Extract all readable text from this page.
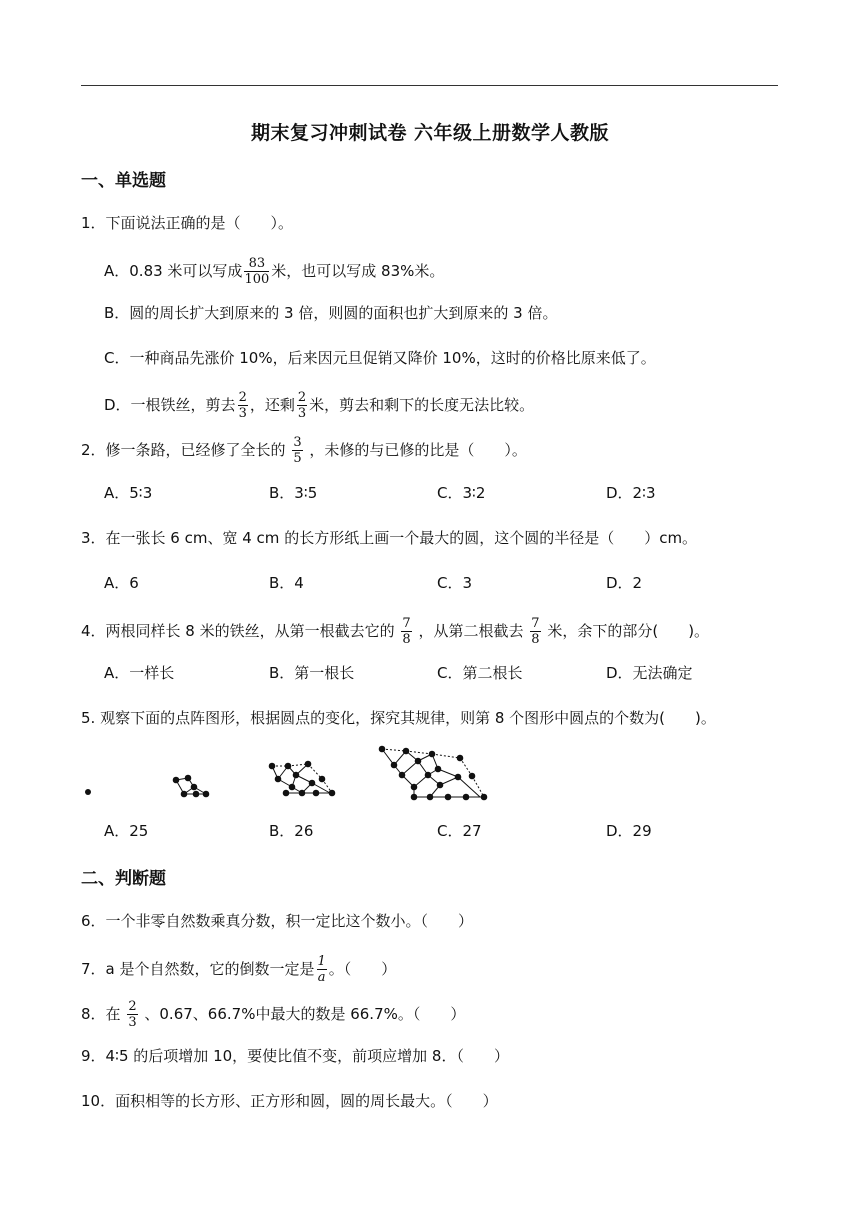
期末复习冲刺试卷 六年级上册数学人教版
一、单选题
1．下面说法正确的是（　　）。
A．0.83 米可以写成 $\frac{83}{100}$ 米，也可以写成 83%米。
B．圆的周长扩大到原来的 3 倍，则圆的面积也扩大到原来的 3 倍。
C．一种商品先涨价 10%，后来因元旦促销又降价 10%，这时的价格比原来低了。
D．一根铁丝，剪去 $\frac{2}{3}$ ，还剩 $\frac{2}{3}$ 米，剪去和剩下的长度无法比较。
2．修一条路，已经修了全长的 $\frac{3}{5}$ ，未修的与已修的比是（　　）。
A．5∶3	B．3∶5	C．3∶2	D．2∶3
3．在一张长 6 cm、宽 4 cm 的长方形纸上画一个最大的圆，这个圆的半径是（　　）cm。
A．6	B．4	C．3	D．2
4．两根同样长 8 米的铁丝，从第一根截去它的 $\frac{7}{8}$ ，从第二根截去 $\frac{7}{8}$ 米，余下的部分(　　)。
A．一样长	B．第一根长	C．第二根长	D．无法确定
5. 观察下面的点阵图形，根据圆点的变化，探究其规律，则第 8 个图形中圆点的个数为(　　)。
A．25	B．26	C．27	D．29
二、判断题
6．一个非零自然数乘真分数，积一定比这个数小。（　　）
7．a 是个自然数，它的倒数一定是 $\frac{1}{a}$ 。（　　）
8．在 $\frac{2}{3}$ 、0.67、66.7%中最大的数是 66.7%。（　　）
9．4∶5 的后项增加 10，要使比值不变，前项应增加 8．（　　）
10．面积相等的长方形、正方形和圆，圆的周长最大。（　　）
